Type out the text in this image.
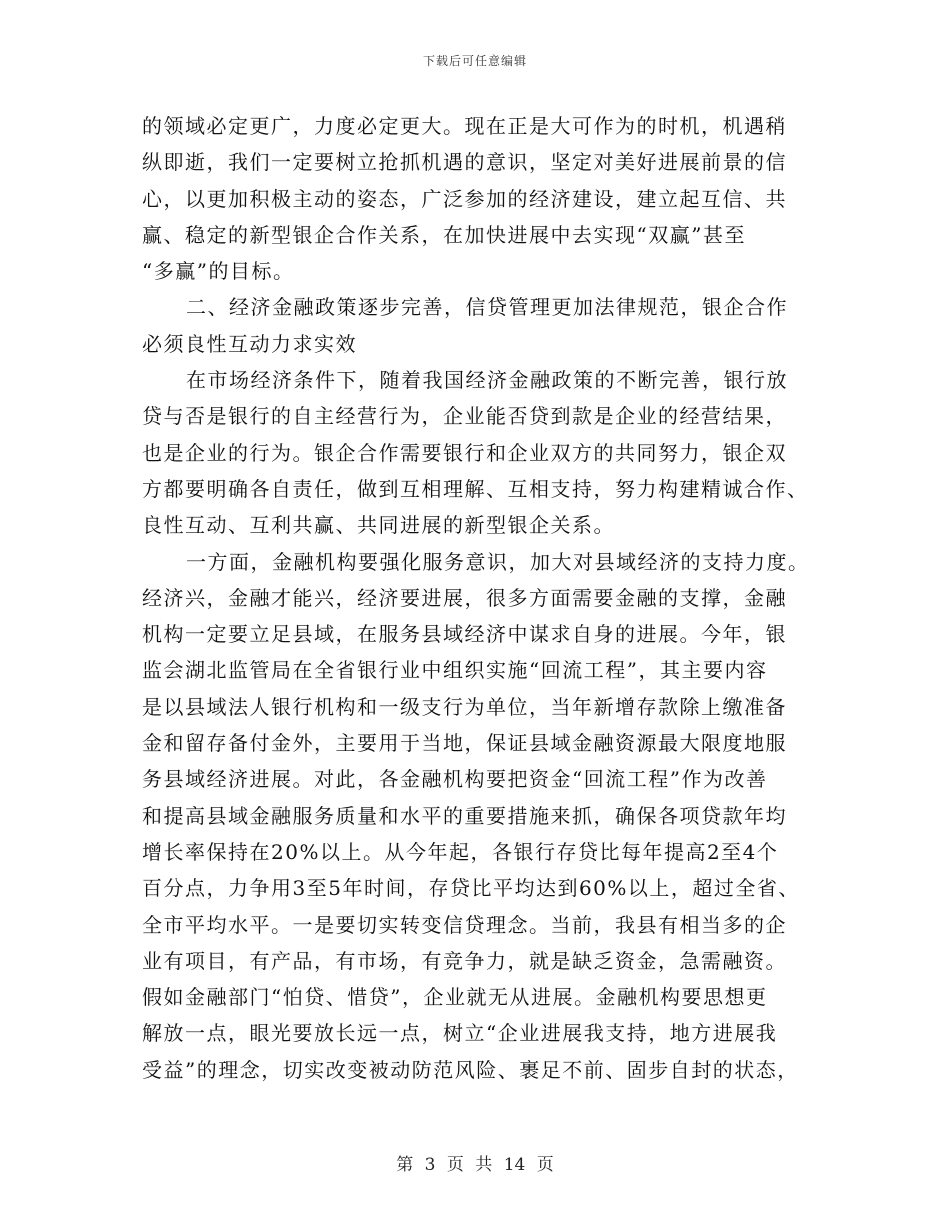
下载后可任意编辑
的领域必定更广，力度必定更大。现在正是大可作为的时机，机遇稍
纵即逝，我们一定要树立抢抓机遇的意识，坚定对美好进展前景的信
心，以更加积极主动的姿态，广泛参加的经济建设，建立起互信、共
赢、稳定的新型银企合作关系，在加快进展中去实现“双赢”甚至
“多赢”的目标。
二、经济金融政策逐步完善，信贷管理更加法律规范，银企合作
必须良性互动力求实效
在市场经济条件下，随着我国经济金融政策的不断完善，银行放
贷与否是银行的自主经营行为，企业能否贷到款是企业的经营结果，
也是企业的行为。银企合作需要银行和企业双方的共同努力，银企双
方都要明确各自责任，做到互相理解、互相支持，努力构建精诚合作、
良性互动、互利共赢、共同进展的新型银企关系。
一方面，金融机构要强化服务意识，加大对县域经济的支持力度。
经济兴，金融才能兴，经济要进展，很多方面需要金融的支撑，金融
机构一定要立足县域，在服务县域经济中谋求自身的进展。今年，银
监会湖北监管局在全省银行业中组织实施“回流工程”，其主要内容
是以县域法人银行机构和一级支行为单位，当年新增存款除上缴准备
金和留存备付金外，主要用于当地，保证县域金融资源最大限度地服
务县域经济进展。对此，各金融机构要把资金“回流工程”作为改善
和提高县域金融服务质量和水平的重要措施来抓，确保各项贷款年均
增长率保持在20%以上。从今年起，各银行存贷比每年提高2至4个
百分点，力争用3至5年时间，存贷比平均达到60%以上，超过全省、
全市平均水平。一是要切实转变信贷理念。当前，我县有相当多的企
业有项目，有产品，有市场，有竞争力，就是缺乏资金，急需融资。
假如金融部门“怕贷、惜贷”，企业就无从进展。金融机构要思想更
解放一点，眼光要放长远一点，树立“企业进展我支持，地方进展我
受益”的理念，切实改变被动防范风险、裹足不前、固步自封的状态，
第 3 页 共 14 页
